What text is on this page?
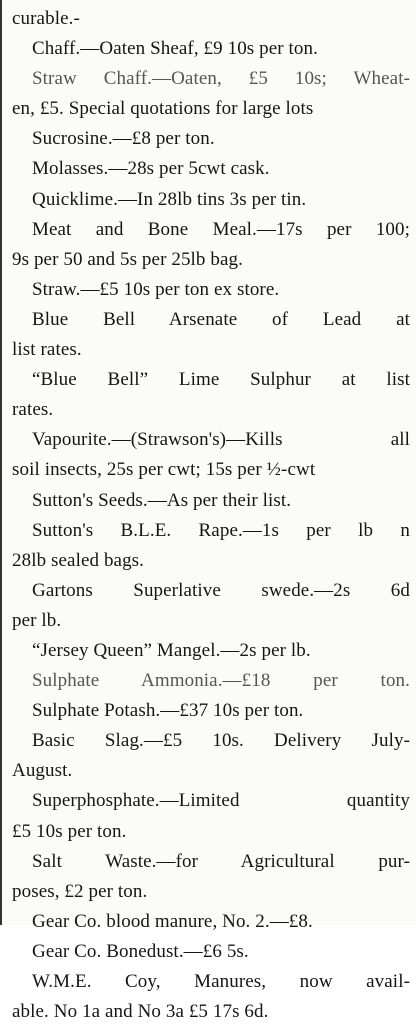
curable.-
Chaff.—Oaten Sheaf, £9 10s per ton.
Straw Chaff.—Oaten, £5 10s; Wheat-
en, £5. Special quotations for large lots
Sucrosine.—£8 per ton.
Molasses.—28s per 5cwt cask.
Quicklime.—In 28lb tins 3s per tin.
Meat and Bone Meal.—17s per 100;
9s per 50 and 5s per 25lb bag.
Straw.—£5 10s per ton ex store.
Blue Bell Arsenate of Lead at
list rates.
“Blue Bell” Lime Sulphur at list
rates.
Vapourite.—(Strawson's)—Kills all
soil insects, 25s per cwt; 15s per ½-cwt
Sutton's Seeds.—As per their list.
Sutton's B.L.E. Rape.—1s per lb n
28lb sealed bags.
Gartons Superlative swede.—2s 6d
per lb.
“Jersey Queen” Mangel.—2s per lb.
Sulphate Ammonia.—£18 per ton.
Sulphate Potash.—£37 10s per ton.
Basic Slag.—£5 10s. Delivery July-
August.
Superphosphate.—Limited quantity
£5 10s per ton.
Salt Waste.—for Agricultural pur-
poses, £2 per ton.
Gear Co. blood manure, No. 2.—£8.
Gear Co. Bonedust.—£6 5s.
W.M.E. Coy, Manures, now avail-
able. No 1a and No 3a £5 17s 6d.
